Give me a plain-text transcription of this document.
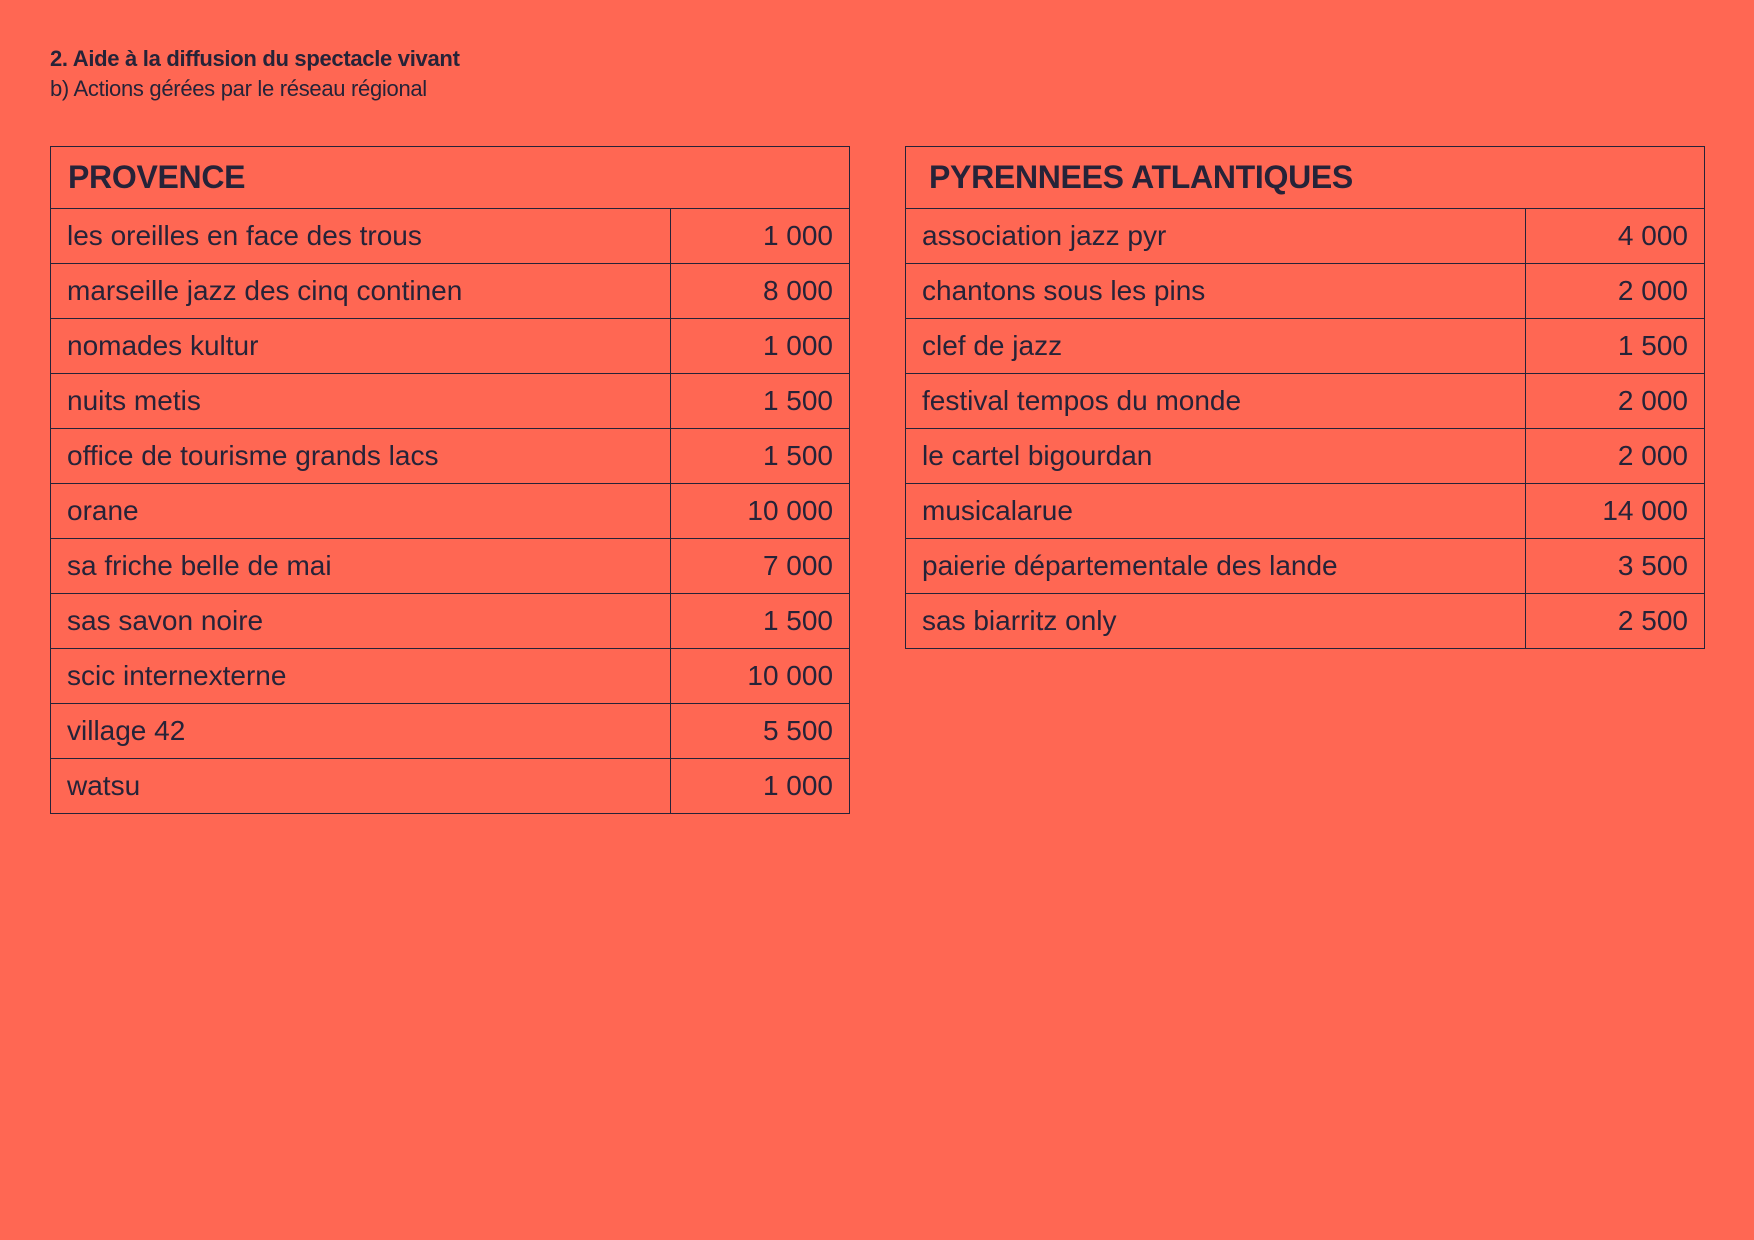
2. Aide à la diffusion du spectacle vivant
b) Actions gérées par le réseau régional
PROVENCE	
les oreilles en face des trous	1 000
marseille jazz des cinq continen	8 000
nomades kultur	1 000
nuits metis	1 500
office de tourisme grands lacs	1 500
orane	10 000
sa friche belle de mai	7 000
sas savon noire	1 500
scic internexterne	10 000
village 42	5 500
watsu	1 000
PYRENNEES ATLANTIQUES	
association jazz pyr	4 000
chantons sous les pins	2 000
clef de jazz	1 500
festival tempos du monde	2 000
le cartel bigourdan	2 000
musicalarue	14 000
paierie départementale des lande	3 500
sas biarritz only	2 500
